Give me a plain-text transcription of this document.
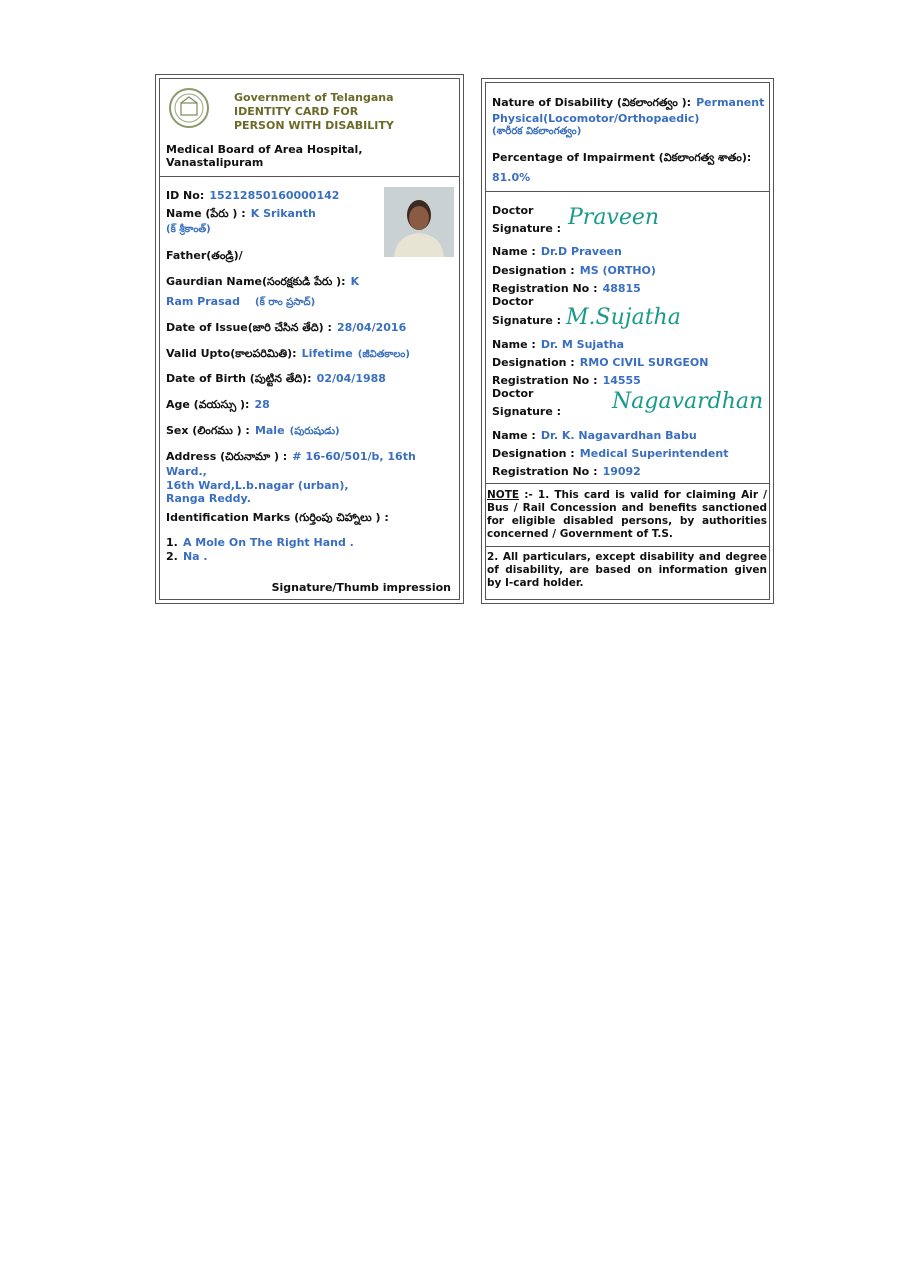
Government of Telangana
IDENTITY CARD FOR
PERSON WITH DISABILITY
Medical Board of Area Hospital,
Vanastalipuram
ID No: 15212850160000142
Name (పేరు ) : K Srikanth
(క్ శ్రీకాంత్)
Father(తండ్రి)/
Gaurdian Name(సంరక్షకుడి పేరు ): K
Ram Prasad (క్ రాం ప్రసాద్)
Date of Issue(జారి చేసిన తేది) : 28/04/2016
Valid Upto(కాలపరిమితి): Lifetime (జీవితకాలం)
Date of Birth (పుట్టిన తేది): 02/04/1988
Age (వయస్సు ): 28
Sex (లింగము ) : Male (పురుషుడు)
Address (చిరునామా ) : # 16-60/501/b, 16th
Ward.,
16th Ward,L.b.nagar (urban),
Ranga Reddy.
Identification Marks (గుర్తింపు చిహ్నాలు ) :
1. A Mole On The Right Hand .
2. Na .
Signature/Thumb impression
Nature of Disability (వికలాంగత్వం ): Permanent
Physical(Locomotor/Orthopaedic)
(శారీరక వికలాంగత్వం)
Percentage of Impairment (వికలాంగత్వ శాతం):
81.0%
Doctor
Signature : Praveen
Name : Dr.D Praveen
Designation : MS (ORTHO)
Registration No : 48815
Doctor
Signature : M.Sujatha
Name : Dr. M Sujatha
Designation : RMO CIVIL SURGEON
Registration No : 14555
Doctor
Signature : Nagavardhan
Name : Dr. K. Nagavardhan Babu
Designation : Medical Superintendent
Registration No : 19092

NOTE :- 1. This card is valid for claiming Air / Bus / Rail Concession and benefits sanctioned for eligible disabled persons, by authorities concerned / Government of T.S.

2. All particulars, except disability and degree of disability, are based on information given by I-card holder.
